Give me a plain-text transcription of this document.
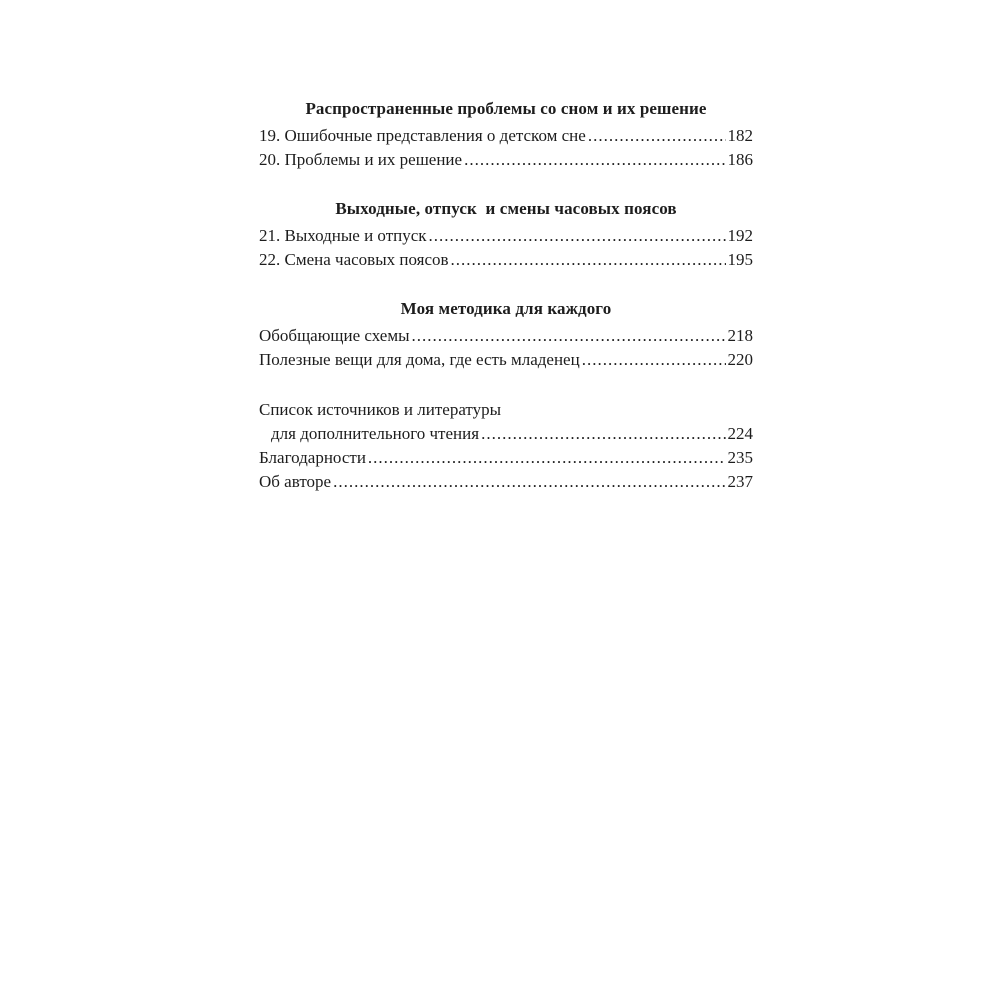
Распространенные проблемы со сном и их решение
19. Ошибочные представления о детском сне .....	182
20. Проблемы и их решение .....	186
Выходные, отпуск  и смены часовых поясов
21. Выходные и отпуск .....	192
22. Смена часовых поясов .....	195
Моя методика для каждого
Обобщающие схемы .....	218
Полезные вещи для дома, где есть младенец .....	220
Список источников и литературы
для дополнительного чтения .....	224
Благодарности .....	235
Об авторе .....	237
